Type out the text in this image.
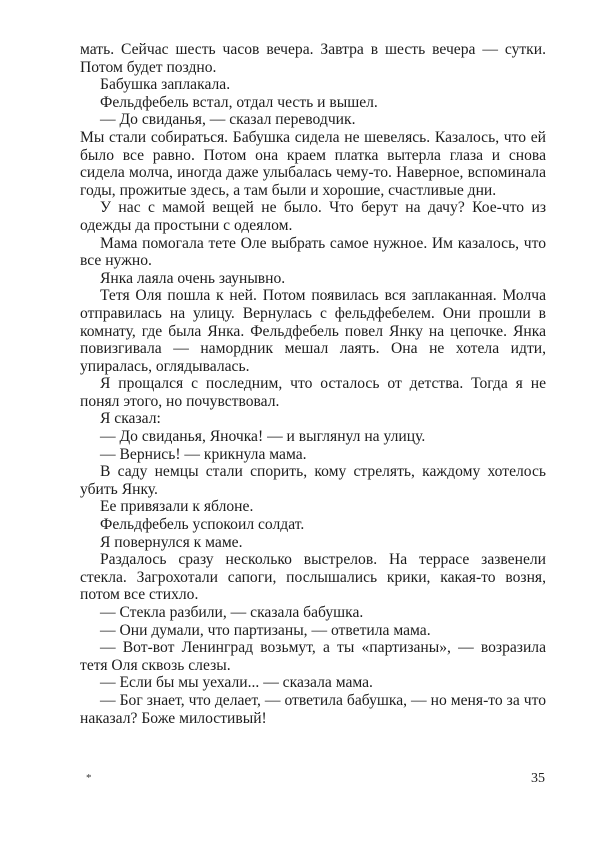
мать. Сейчас шесть часов вечера. Завтра в шесть вечера — сутки. Потом будет поздно.

Бабушка заплакала.

Фельдфебель встал, отдал честь и вышел.

— До свиданья, — сказал переводчик.

Мы стали собираться. Бабушка сидела не шевелясь. Казалось, что ей было все равно. Потом она краем платка вытерла глаза и снова сидела молча, иногда даже улыбалась чему-то. Наверное, вспоминала годы, прожитые здесь, а там были и хорошие, счастливые дни.

У нас с мамой вещей не было. Что берут на дачу? Кое-что из одежды да простыни с одеялом.

Мама помогала тете Оле выбрать самое нужное. Им казалось, что все нужно.

Янка лаяла очень заунывно.

Тетя Оля пошла к ней. Потом появилась вся заплаканная. Молча отправилась на улицу. Вернулась с фельдфебелем. Они прошли в комнату, где была Янка. Фельдфебель повел Янку на цепочке. Янка повизгивала — намордник мешал лаять. Она не хотела идти, упиралась, оглядывалась.

Я прощался с последним, что осталось от детства. Тогда я не понял этого, но почувствовал.

Я сказал:

— До свиданья, Яночка! — и выглянул на улицу.

— Вернись! — крикнула мама.

В саду немцы стали спорить, кому стрелять, каждому хотелось убить Янку.

Ее привязали к яблоне.

Фельдфебель успокоил солдат.

Я повернулся к маме.

Раздалось сразу несколько выстрелов. На террасе зазвенели стекла. Загрохотали сапоги, послышались крики, какая-то возня, потом все стихло.

— Стекла разбили, — сказала бабушка.

— Они думали, что партизаны, — ответила мама.

— Вот-вот Ленинград возьмут, а ты «партизаны», — возразила тетя Оля сквозь слезы.

— Если бы мы уехали... — сказала мама.

— Бог знает, что делает, — ответила бабушка, — но меня-то за что наказал? Боже милостивый!

*	35
